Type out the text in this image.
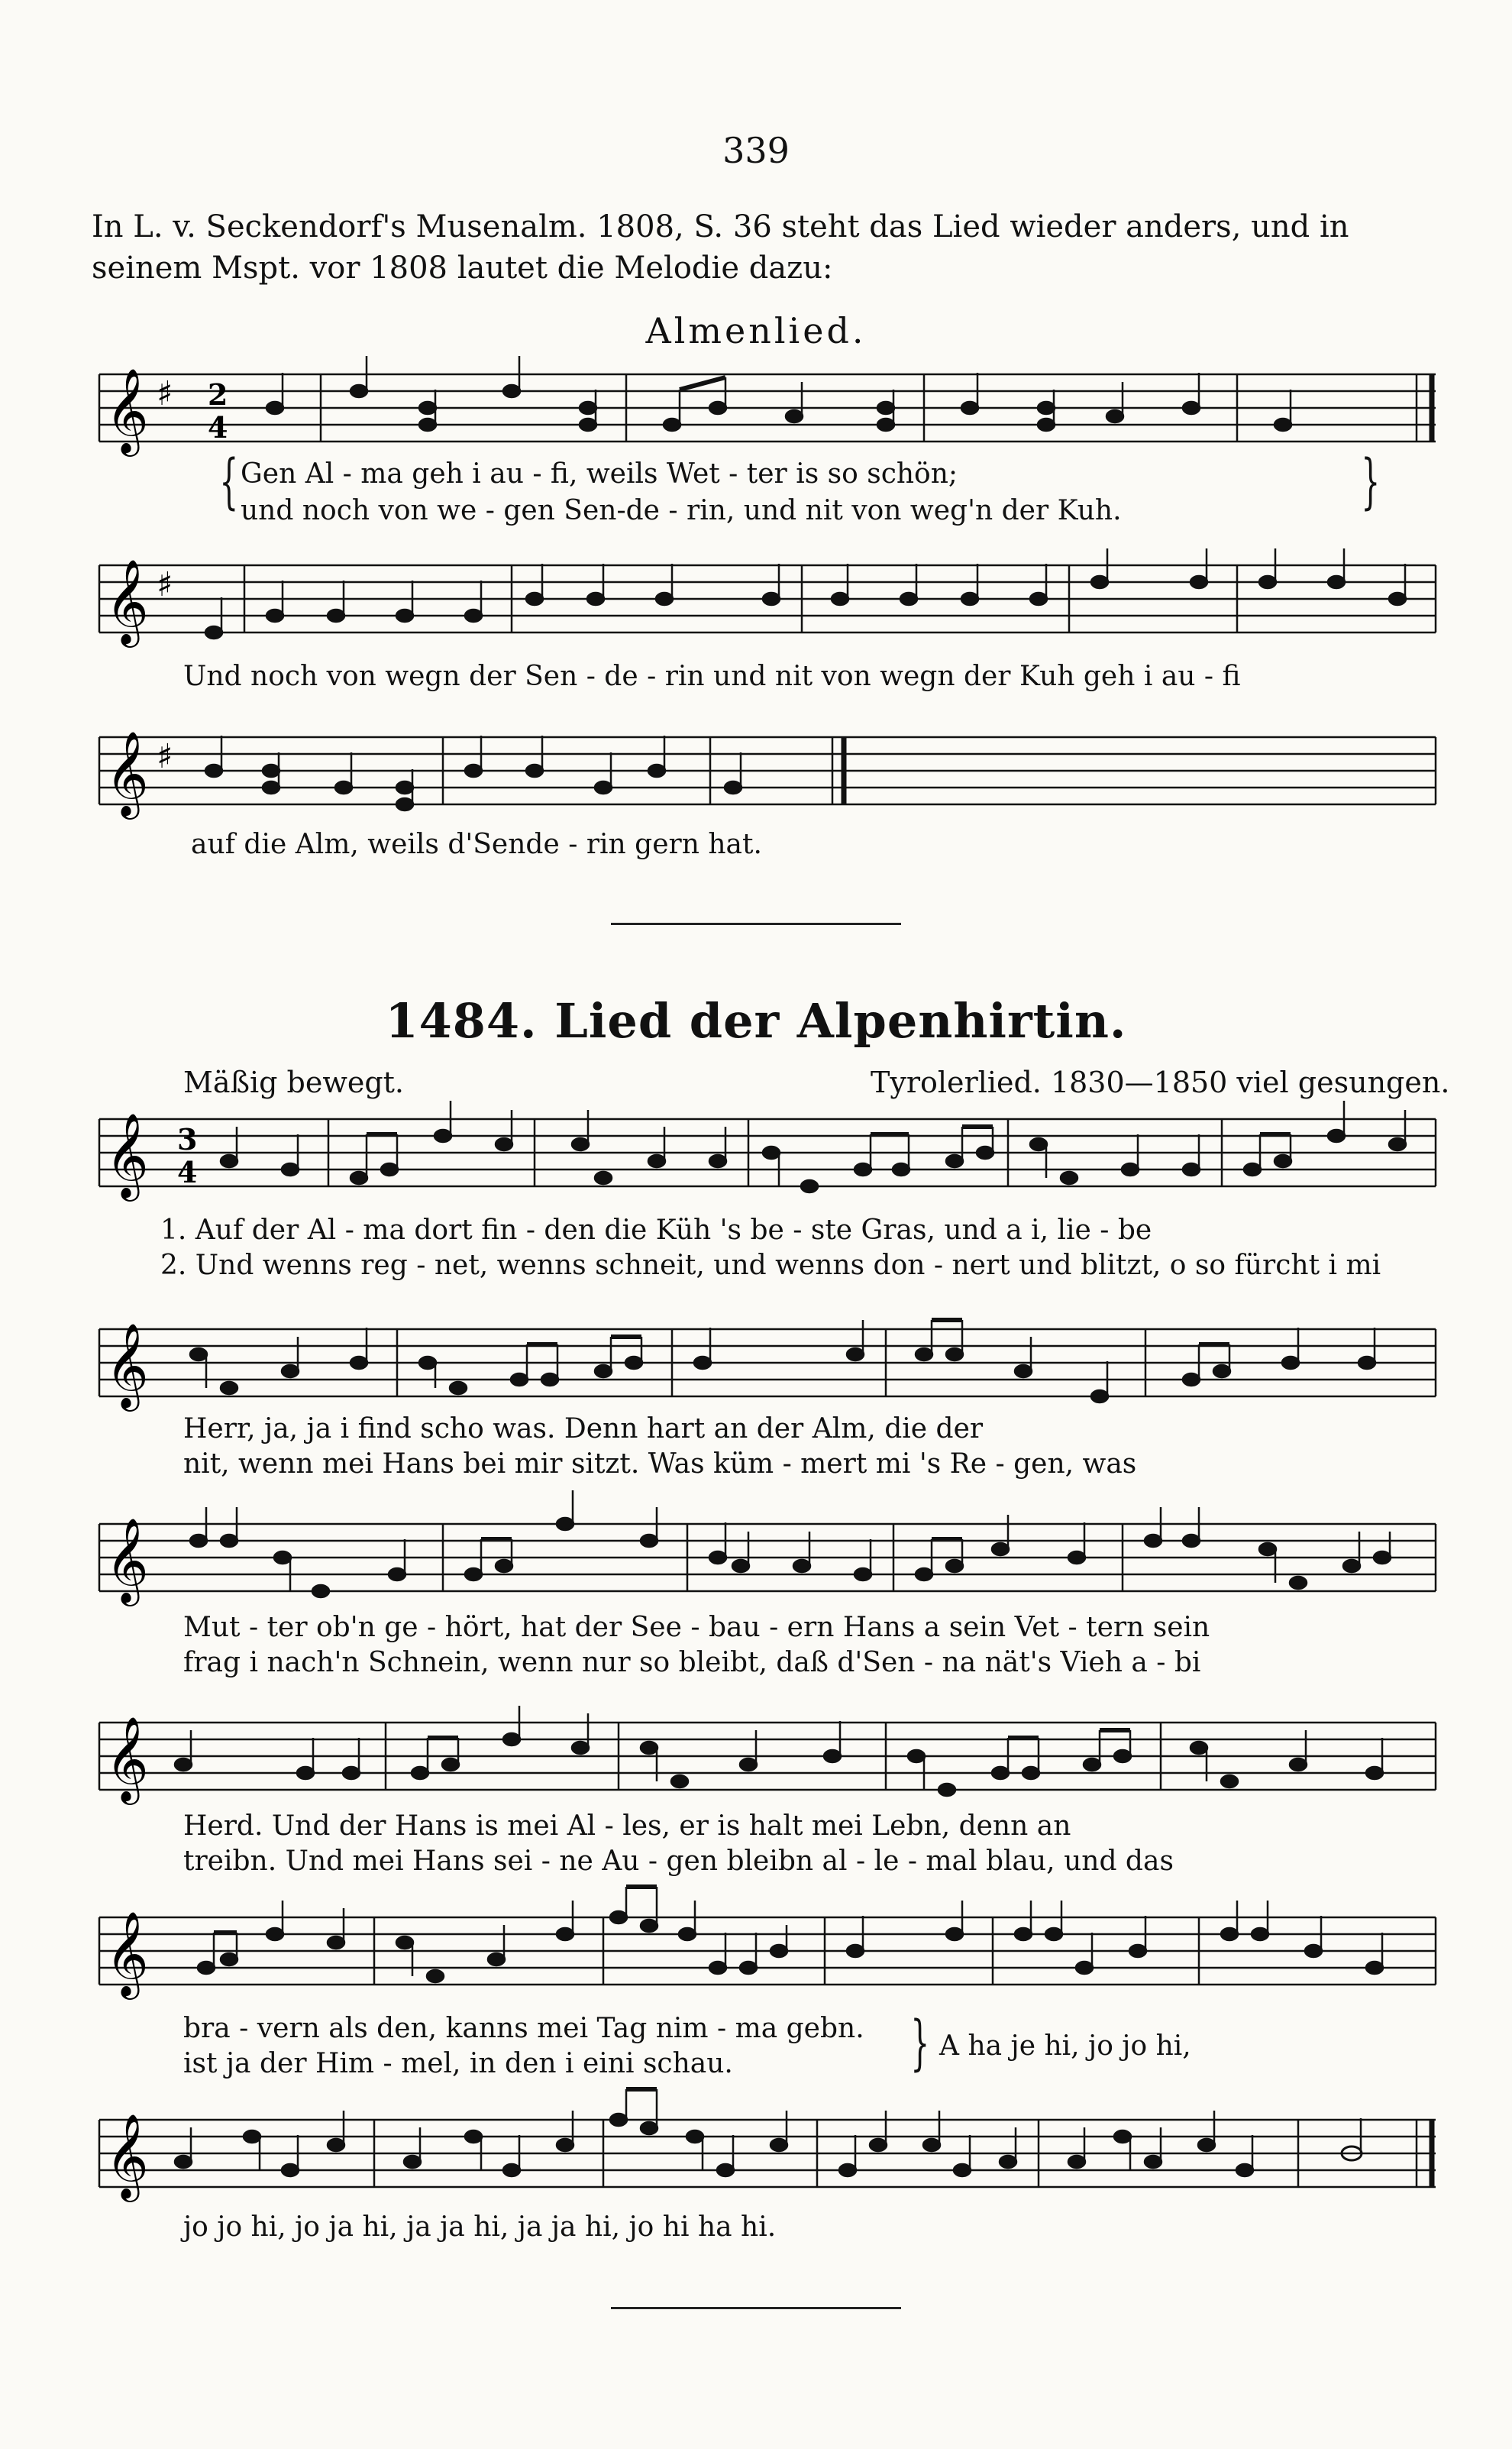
339
In L. v. Seckendorf's Musenalm. 1808, S. 36 steht das Lied wieder anders, und in
seinem Mspt. vor 1808 lautet die Melodie dazu:
Almenlied.
𝄞 ♯ 2
4
{	}
Gen Al - ma geh i au - fi, weils Wet - ter is so schön;
und noch von we - gen Sen-de - rin, und nit von weg'n der Kuh.
𝄞 ♯
Und noch von wegn der Sen - de - rin und nit von wegn der Kuh geh i au - fi
𝄞 ♯
auf die Alm, weils d'Sende - rin gern hat.
1484. Lied der Alpenhirtin.
Mäßig bewegt.	Tyrolerlied. 1830—1850 viel gesungen.
𝄞 3
4
1. Auf der Al - ma dort fin - den die Küh 's be - ste Gras, und a i, lie - be
2. Und wenns reg - net, wenns schneit, und wenns don - nert und blitzt, o so fürcht i mi
𝄞
Herr, ja, ja i find scho was. Denn hart an der Alm, die der
nit, wenn mei Hans bei mir sitzt. Was küm - mert mi 's Re - gen, was
𝄞
Mut - ter ob'n ge - hört, hat der See - bau - ern Hans a sein Vet - tern sein
frag i nach'n Schnein, wenn nur so bleibt, daß d'Sen - na nät's Vieh a - bi
𝄞
Herd. Und der Hans is mei Al - les, er is halt mei Lebn, denn an
treibn. Und mei Hans sei - ne Au - gen bleibn al - le - mal blau, und das
𝄞
bra - vern als den, kanns mei Tag nim - ma gebn.
ist ja der Him - mel, in den i eini schau.	} A ha je hi, jo jo hi,
𝄞
jo jo hi, jo ja hi, ja ja hi, ja ja hi, jo hi ha hi.
